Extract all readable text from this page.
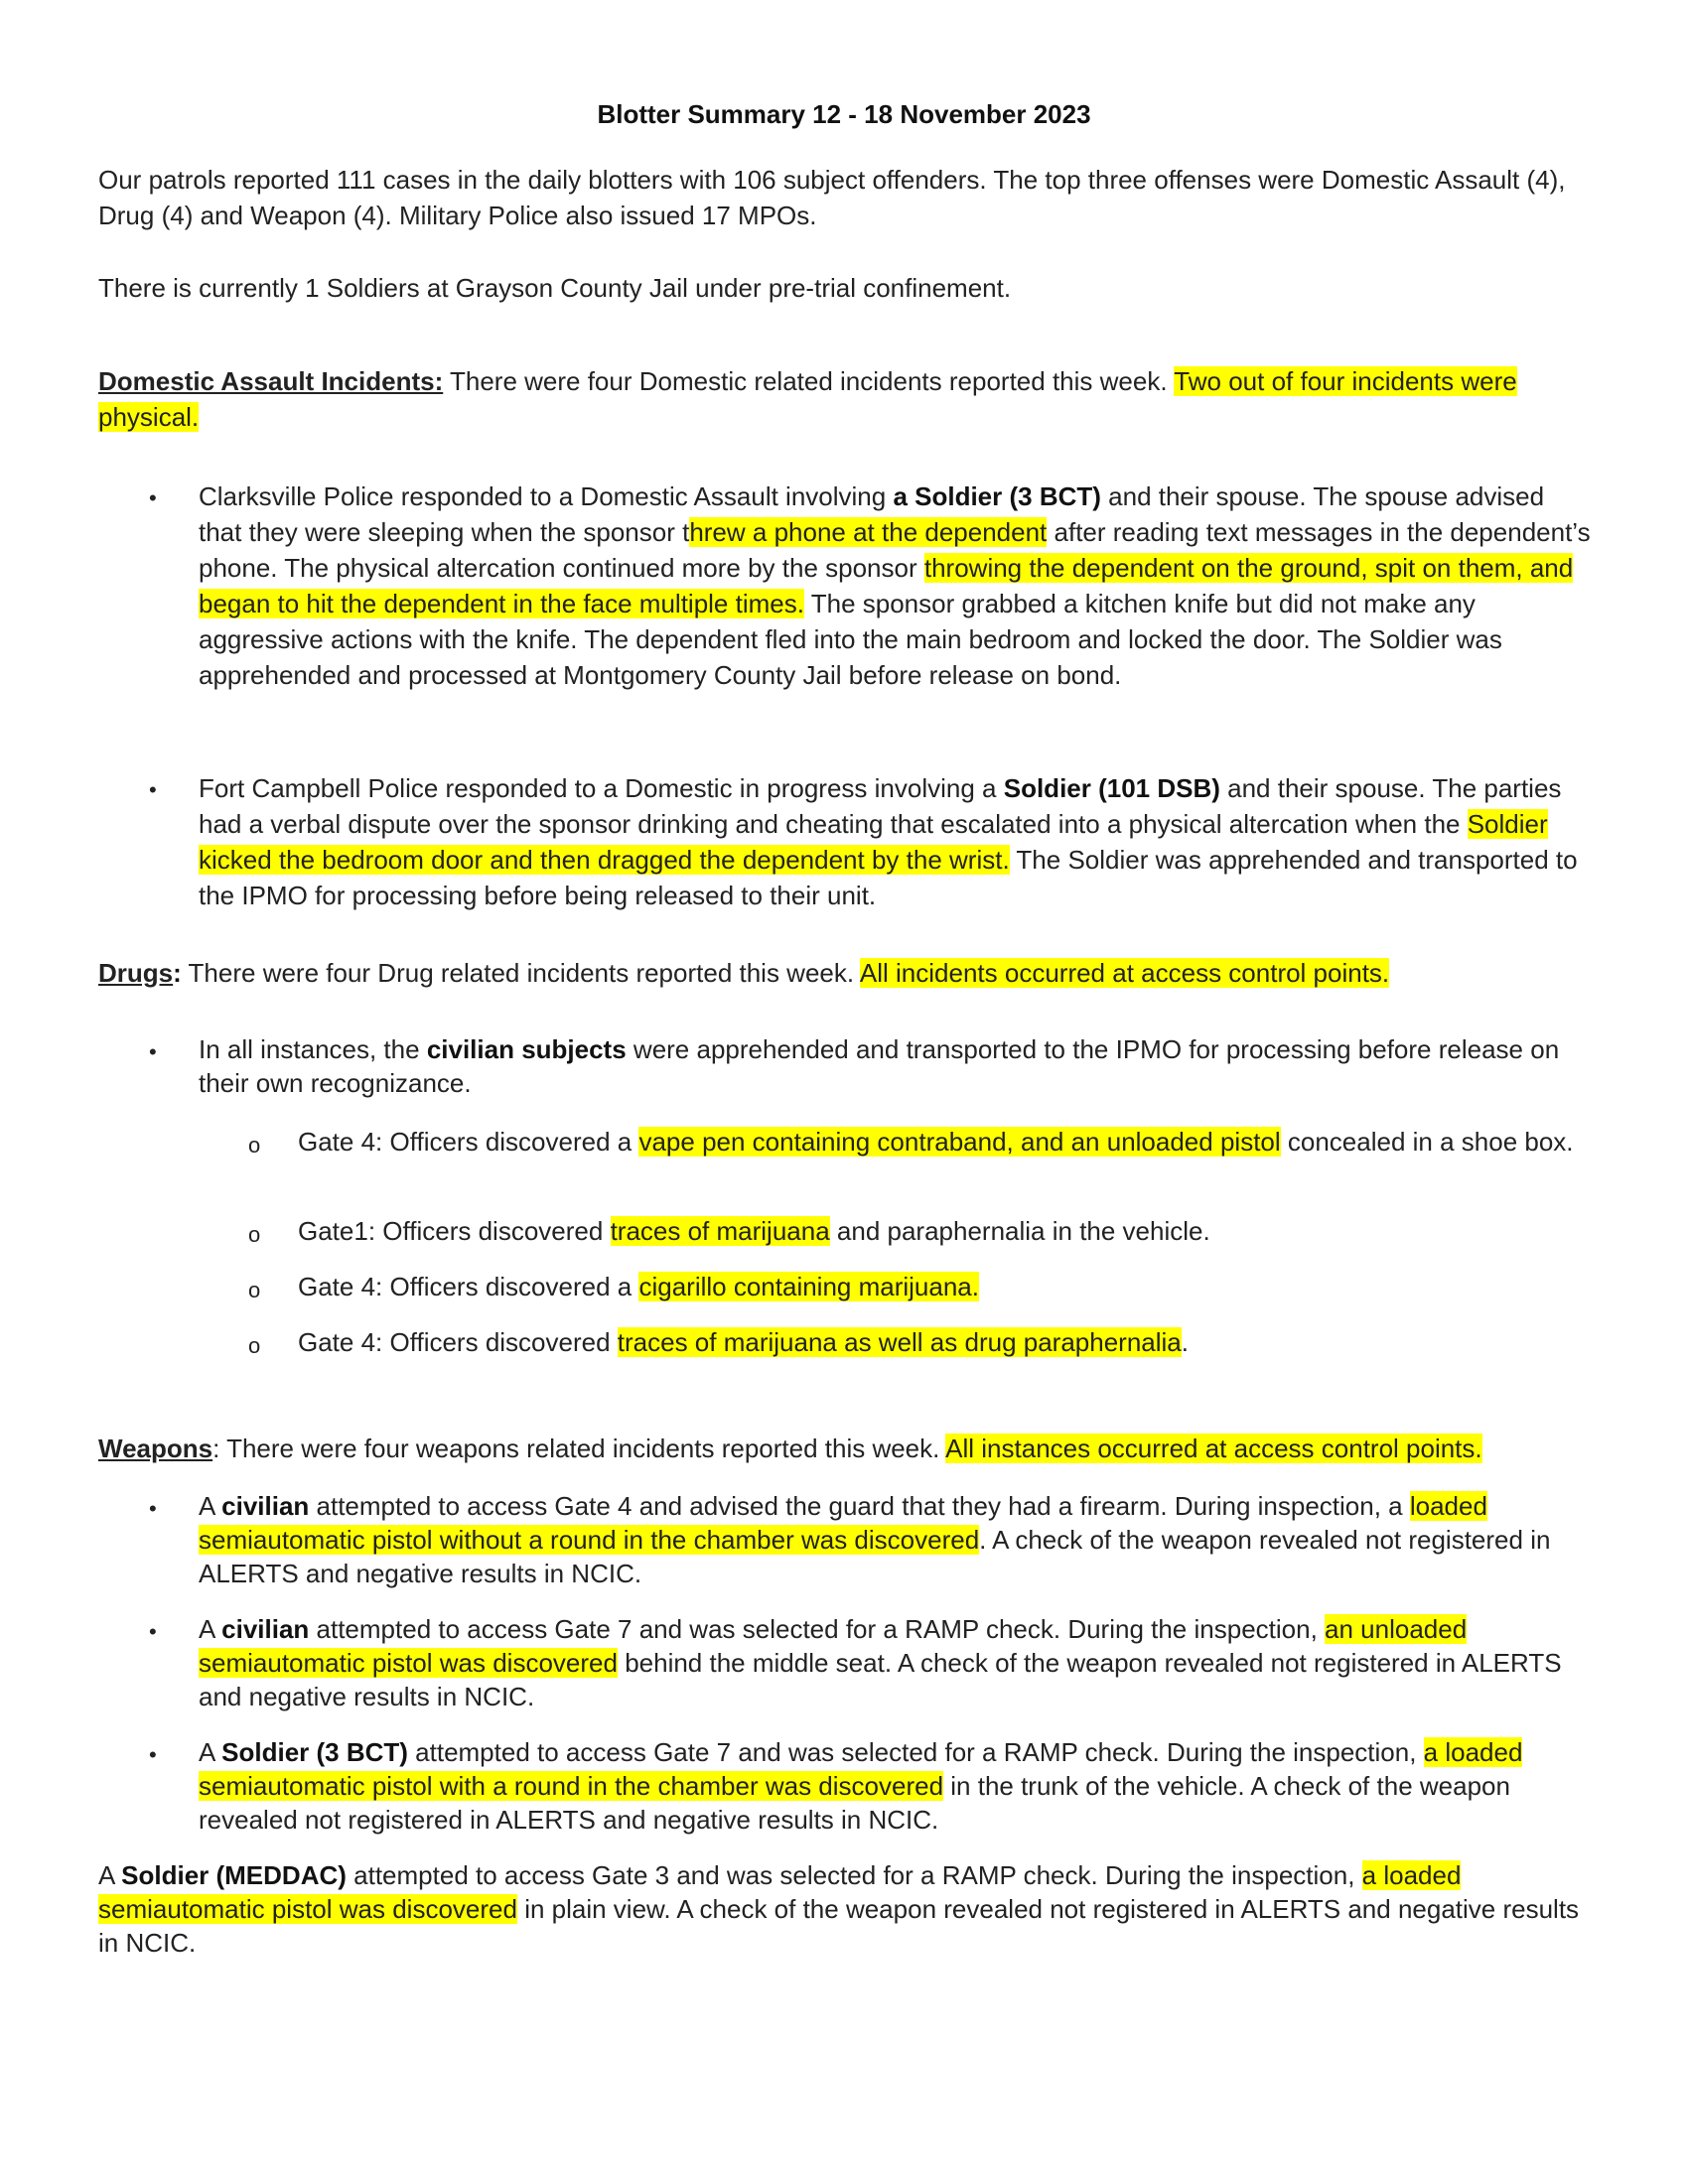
Blotter Summary 12 - 18 November 2023
Our patrols reported 111 cases in the daily blotters with 106 subject offenders. The top three offenses were Domestic Assault (4), Drug (4) and Weapon (4). Military Police also issued 17 MPOs.
There is currently 1 Soldiers at Grayson County Jail under pre-trial confinement.
Domestic Assault Incidents: There were four Domestic related incidents reported this week. Two out of four incidents were physical.
• Clarksville Police responded to a Domestic Assault involving a Soldier (3 BCT) and their spouse. The spouse advised that they were sleeping when the sponsor threw a phone at the dependent after reading text messages in the dependent’s phone. The physical altercation continued more by the sponsor throwing the dependent on the ground, spit on them, and began to hit the dependent in the face multiple times. The sponsor grabbed a kitchen knife but did not make any aggressive actions with the knife. The dependent fled into the main bedroom and locked the door. The Soldier was apprehended and processed at Montgomery County Jail before release on bond.
• Fort Campbell Police responded to a Domestic in progress involving a Soldier (101 DSB) and their spouse. The parties had a verbal dispute over the sponsor drinking and cheating that escalated into a physical altercation when the Soldier kicked the bedroom door and then dragged the dependent by the wrist. The Soldier was apprehended and transported to the IPMO for processing before being released to their unit.
Drugs: There were four Drug related incidents reported this week. All incidents occurred at access control points.
• In all instances, the civilian subjects were apprehended and transported to the IPMO for processing before release on their own recognizance.
o Gate 4: Officers discovered a vape pen containing contraband, and an unloaded pistol concealed in a shoe box.
o Gate1: Officers discovered traces of marijuana and paraphernalia in the vehicle.
o Gate 4: Officers discovered a cigarillo containing marijuana.
o Gate 4: Officers discovered traces of marijuana as well as drug paraphernalia.
Weapons: There were four weapons related incidents reported this week. All instances occurred at access control points.
• A civilian attempted to access Gate 4 and advised the guard that they had a firearm. During inspection, a loaded semiautomatic pistol without a round in the chamber was discovered. A check of the weapon revealed not registered in ALERTS and negative results in NCIC.
• A civilian attempted to access Gate 7 and was selected for a RAMP check. During the inspection, an unloaded semiautomatic pistol was discovered behind the middle seat. A check of the weapon revealed not registered in ALERTS and negative results in NCIC.
• A Soldier (3 BCT) attempted to access Gate 7 and was selected for a RAMP check. During the inspection, a loaded semiautomatic pistol with a round in the chamber was discovered in the trunk of the vehicle. A check of the weapon revealed not registered in ALERTS and negative results in NCIC.
A Soldier (MEDDAC) attempted to access Gate 3 and was selected for a RAMP check. During the inspection, a loaded semiautomatic pistol was discovered in plain view. A check of the weapon revealed not registered in ALERTS and negative results in NCIC.
